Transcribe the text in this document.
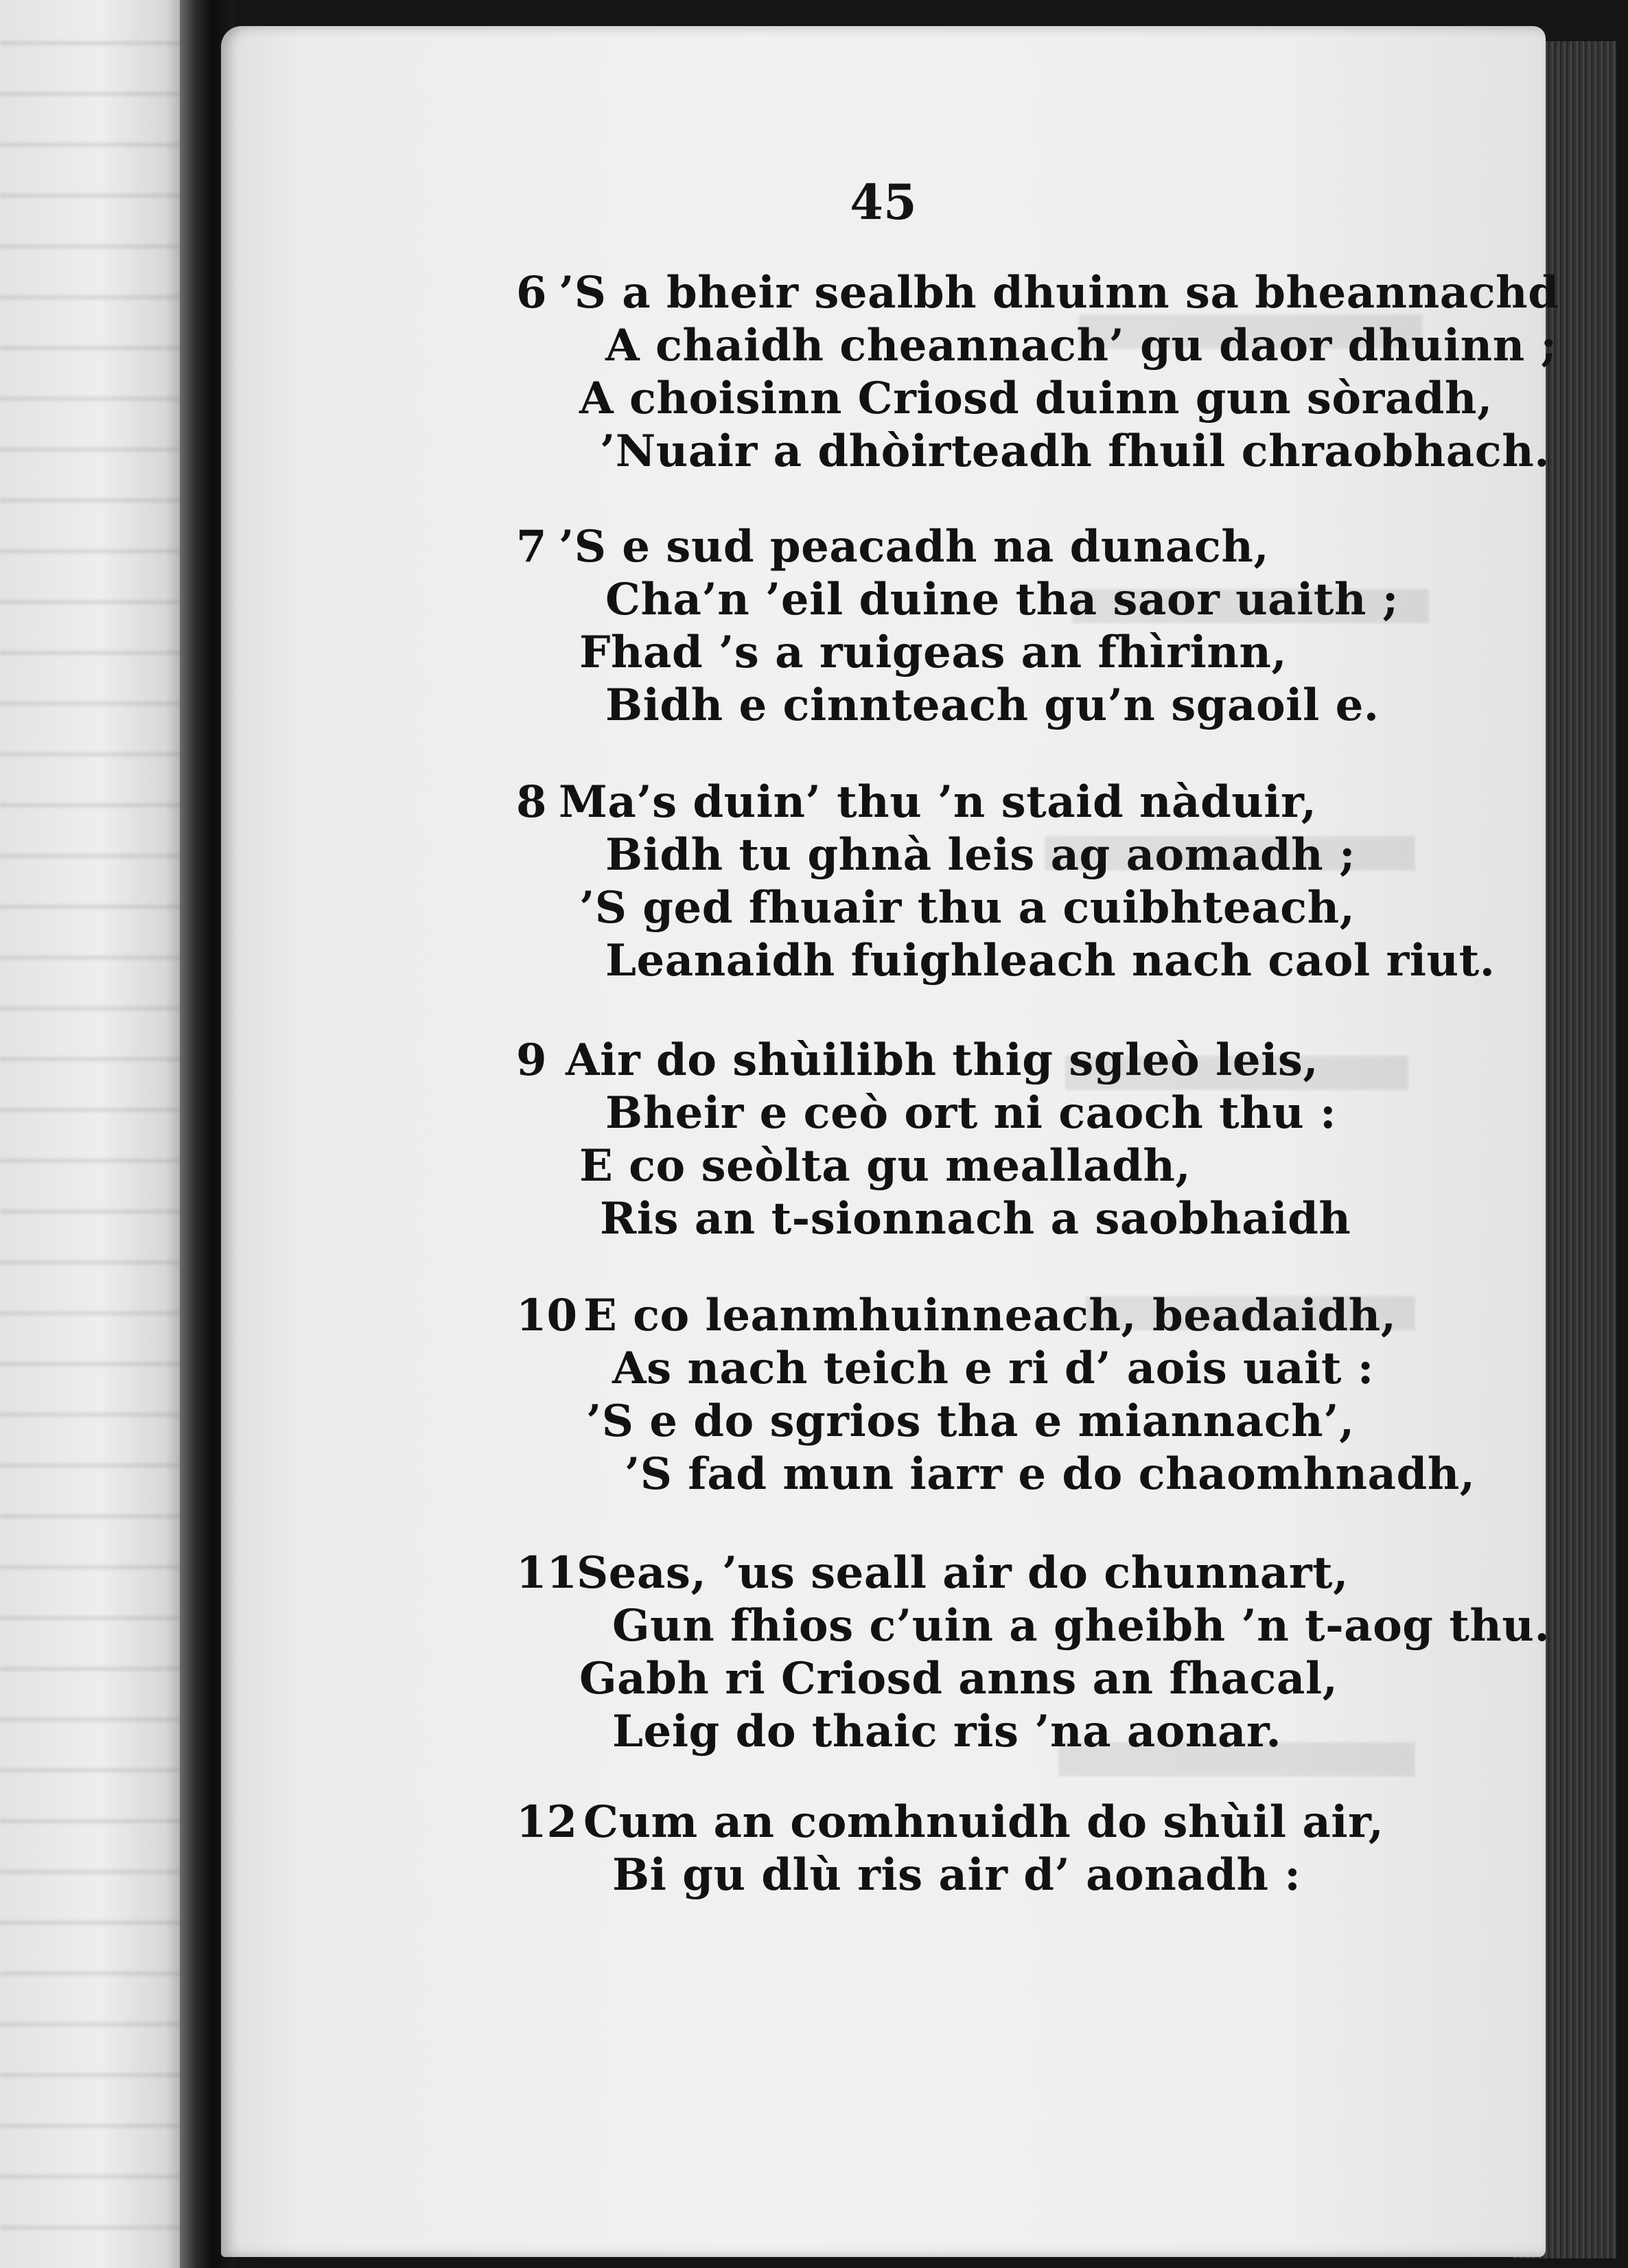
45
6 ’S a bheir sealbh dhuinn sa bheannachd
A chaidh cheannach’ gu daor dhuinn ;
A choisinn Criosd duinn gun sòradh,
’Nuair a dhòirteadh fhuil chraobhach.
7 ’S e sud peacadh na dunach,
Cha’n ’eil duine tha saor uaith ;
Fhad ’s a ruigeas an fhìrinn,
Bidh e cinnteach gu’n sgaoil e.
8 Ma’s duin’ thu ’n staid nàduir,
Bidh tu ghnà leis ag aomadh ;
’S ged fhuair thu a cuibhteach,
Leanaidh fuighleach nach caol riut.
9 Air do shùilibh thig sgleò leis,
Bheir e ceò ort ni caoch thu :
E co seòlta gu mealladh,
Ris an t-sionnach a saobhaidh
10 E co leanmhuinneach, beadaidh,
As nach teich e ri d’ aois uait :
’S e do sgrios tha e miannach’,
’S fad mun iarr e do chaomhnadh,
11
Seas, ’us seall air do chunnart,
Gun fhios c’uin a gheibh ’n t-aog thu.
Gabh ri Criosd anns an fhacal,
Leig do thaic ris ’na aonar.
12 Cum an comhnuidh do shùil air,
Bi gu dlù ris air d’ aonadh :
